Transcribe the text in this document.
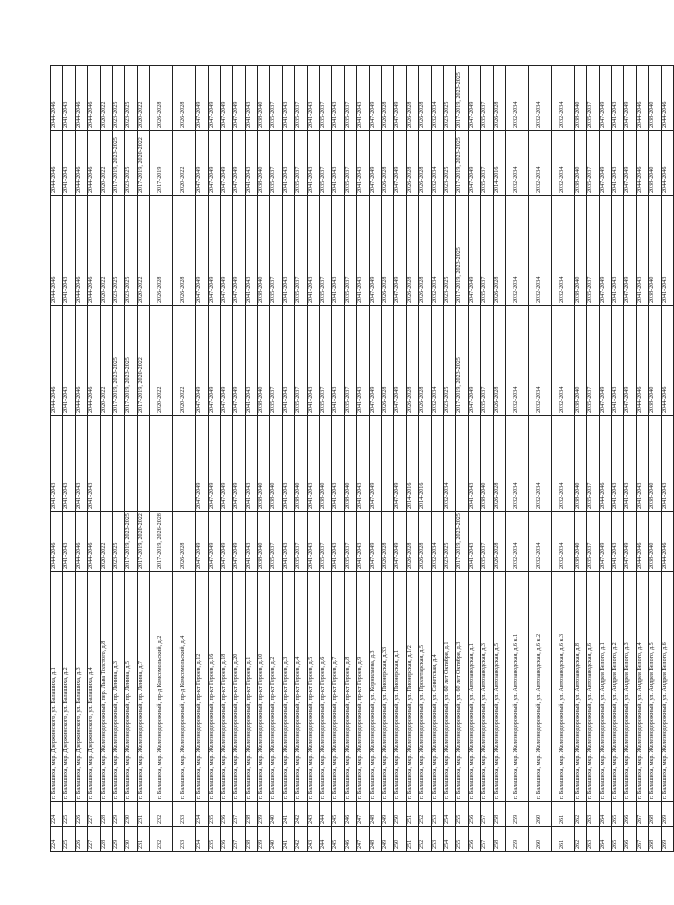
224	224	г. Балашиха, мкр. Дзержинского, ул. Балашиха, д.1	2044-2046	2041-2043	2044-2046	2044-2046	2044-2046	2044-2046
225	225	г. Балашиха, мкр. Дзержинского, ул. Балашиха, д.2	2041-2043	2041-2043	2041-2043	2041-2043	2041-2043	2041-2043
226	226	г. Балашиха, мкр. Дзержинского, ул. Балашиха, д.3	2044-2046	2041-2043	2044-2046	2044-2046	2044-2046	2044-2046
227	227	г. Балашиха, мкр. Дзержинского, ул. Балашиха, д.4	2044-2046	2041-2043	2044-2046	2044-2046	2044-2046	2044-2046
228	228	г. Балашиха, мкр. Железнодорожный, пер. Льва Толстого, д.8	2020-2022		2020-2022	2020-2022	2020-2022	2020-2022
229	229	г. Балашиха, мкр. Железнодорожный, пр. Ленина, д.3	2023-2025		2017-2019, 2023-2025	2023-2025	2017-2019, 2023-2025	2023-2025
230	230	г. Балашиха, мкр. Железнодорожный, пр. Ленина, д.5	2017-2019, 2023-2025		2017-2019, 2023-2025	2023-2025	2023-2025	2023-2025
231	231	г. Балашиха, мкр. Железнодорожный, пр. Ленина, д.7	2017-2019, 2020-2022		2017-2019, 2020-2022	2020-2022	2017-2019, 2020-2022	2020-2022
232	232	г. Балашиха, мкр. Железнодорожный, пр-д Комсомольский, д.2	2017-2019, 2026-2028		2020-2022	2026-2028	2017-2019	2026-2028
233	233	г. Балашиха, мкр. Железнодорожный, пр-д Комсомольский, д.4	2026-2028		2020-2022	2026-2028	2020-2022	2026-2028
234	234	г. Балашиха, мкр. Железнодорожный, пр-кт Героев, д.12	2047-2049	2047-2049	2047-2049	2047-2049	2047-2049	2047-2049
235	235	г. Балашиха, мкр. Железнодорожный, пр-кт Героев, д.16	2047-2049	2047-2049	2047-2049	2047-2049	2047-2049	2047-2049
236	236	г. Балашиха, мкр. Железнодорожный, пр-кт Героев, д.18	2047-2049	2047-2049	2047-2049	2047-2049	2047-2049	2047-2049
237	237	г. Балашиха, мкр. Железнодорожный, пр-кт Героев, д.20	2047-2049	2047-2049	2047-2049	2047-2049	2047-2049	2047-2049
238	238	г. Балашиха, мкр. Железнодорожный, пр-кт Героев, д.1	2041-2043	2041-2043	2041-2043	2041-2043	2041-2043	2041-2043
239	239	г. Балашиха, мкр. Железнодорожный, пр-кт Героев, д.10	2038-2040	2038-2040	2038-2040	2038-2040	2038-2040	2038-2040
240	240	г. Балашиха, мкр. Железнодорожный, пр-кт Героев, д.2	2035-2037	2038-2040	2035-2037	2035-2037	2035-2037	2035-2037
241	241	г. Балашиха, мкр. Железнодорожный, пр-кт Героев, д.3	2041-2043	2041-2043	2041-2043	2041-2043	2041-2043	2041-2043
242	242	г. Балашиха, мкр. Железнодорожный, пр-кт Героев, д.4	2035-2037	2038-2040	2035-2037	2035-2037	2035-2037	2035-2037
243	243	г. Балашиха, мкр. Железнодорожный, пр-кт Героев, д.5	2041-2043	2041-2043	2041-2043	2041-2043	2041-2043	2041-2043
244	244	г. Балашиха, мкр. Железнодорожный, пр-кт Героев, д.6	2035-2037	2038-2040	2035-2037	2035-2037	2035-2037	2035-2037
245	245	г. Балашиха, мкр. Железнодорожный, пр-кт Героев, д.7	2041-2043	2041-2043	2041-2043	2041-2043	2041-2043	2041-2043
246	246	г. Балашиха, мкр. Железнодорожный, пр-кт Героев, д.8	2035-2037	2038-2040	2035-2037	2035-2037	2035-2037	2035-2037
247	247	г. Балашиха, мкр. Железнодорожный, пр-кт Героев, д.9	2041-2043	2041-2043	2041-2043	2041-2043	2041-2043	2041-2043
248	248	г. Балашиха, мкр. Железнодорожный, ул. Корнилаева, д.3	2047-2049	2047-2049	2047-2049	2047-2049	2047-2049	2047-2049
249	249	г. Балашиха, мкр. Железнодорожный, ул. Пионерская, д.33	2026-2028		2026-2028	2026-2028	2026-2028	2026-2028
250	250	г. Балашиха, мкр. Железнодорожный, ул. Пионерская, д.1	2047-2049	2047-2049	2047-2049	2047-2049	2047-2049	2047-2049
251	251	г. Балашиха, мкр. Железнодорожный, ул. Пионерская, д.1/2	2026-2028	2014-2016	2026-2028	2026-2028	2026-2028	2026-2028
252	252	г. Балашиха, мкр. Железнодорожный, ул. Пролетарская, д.5	2026-2028	2014-2016	2026-2028	2026-2028	2026-2028	2026-2028
253	253	г. Балашиха, мкр. Железнодорожный, ул. Советская, д.4	2032-2034		2032-2034	2032-2034	2032-2034	2032-2034
254	254	г. Балашиха, мкр. Железнодорожный, ул. 60 лет Октября, д.1	2023-2025	2032-2034	2023-2025	2023-2025	2023-2025	2023-2025
255	255	г. Балашиха, мкр. Железнодорожный, ул. 60 лет Октября, д.3	2017-2019, 2023-2025		2017-2019, 2023-2025	2017-2019, 2023-2025	2017-2019, 2023-2025	2017-2019, 2023-2025
256	256	г. Балашиха, мкр. Железнодорожный, ул. Автозаводская, д.1	2041-2043	2041-2043	2047-2049	2047-2049	2047-2049	2047-2049
257	257	г. Балашиха, мкр. Железнодорожный, ул. Автозаводская, д.3	2035-2037	2038-2040	2035-2037	2035-2037	2035-2037	2035-2037
258	258	г. Балашиха, мкр. Железнодорожный, ул. Автозаводская, д.5	2026-2028	2026-2028	2026-2028	2026-2028	2014-2016	2026-2028
259	259	г. Балашиха, мкр. Железнодорожный, ул. Автозаводская, д.6 к.1	2032-2034	2032-2034	2032-2034	2032-2034	2032-2034	2032-2034
260	260	г. Балашиха, мкр. Железнодорожный, ул. Автозаводская, д.6 к.2	2032-2034	2032-2034	2032-2034	2032-2034	2032-2034	2032-2034
261	261	г. Балашиха, мкр. Железнодорожный, ул. Автозаводская, д.6 к.3	2032-2034	2032-2034	2032-2034	2032-2034	2032-2034	2032-2034
262	262	г. Балашиха, мкр. Железнодорожный, ул. Автозаводская, д.8	2038-2040	2038-2040	2038-2040	2038-2040	2038-2040	2038-2040
263	263	г. Балашиха, мкр. Железнодорожный, ул. Автозаводская, д.6	2035-2037	2035-2037	2035-2037	2035-2037	2035-2037	2035-2037
264	264	г. Балашиха, мкр. Железнодорожный, ул. Андрея Белого, д.1	2047-2049	2044-2046	2047-2049	2047-2049	2047-2049	2047-2049
265	265	г. Балашиха, мкр. Железнодорожный, ул. Андрея Белого, д.2	2041-2043	2041-2043	2041-2043	2041-2043	2041-2043	2041-2043
266	266	г. Балашиха, мкр. Железнодорожный, ул. Андрея Белого, д.3	2047-2049	2041-2043	2047-2049	2047-2049	2047-2049	2047-2049
267	267	г. Балашиха, мкр. Железнодорожный, ул. Андрея Белого, д.4	2044-2046	2041-2043	2044-2046	2041-2043	2044-2046	2044-2046
268	268	г. Балашиха, мкр. Железнодорожный, ул. Андрея Белого, д.5	2038-2040	2038-2040	2038-2040	2038-2040	2038-2040	2038-2040
269	269	г. Балашиха, мкр. Железнодорожный, ул. Андрея Белого, д.6	2044-2046	2041-2043	2044-2046	2041-2043	2044-2046	2044-2046
